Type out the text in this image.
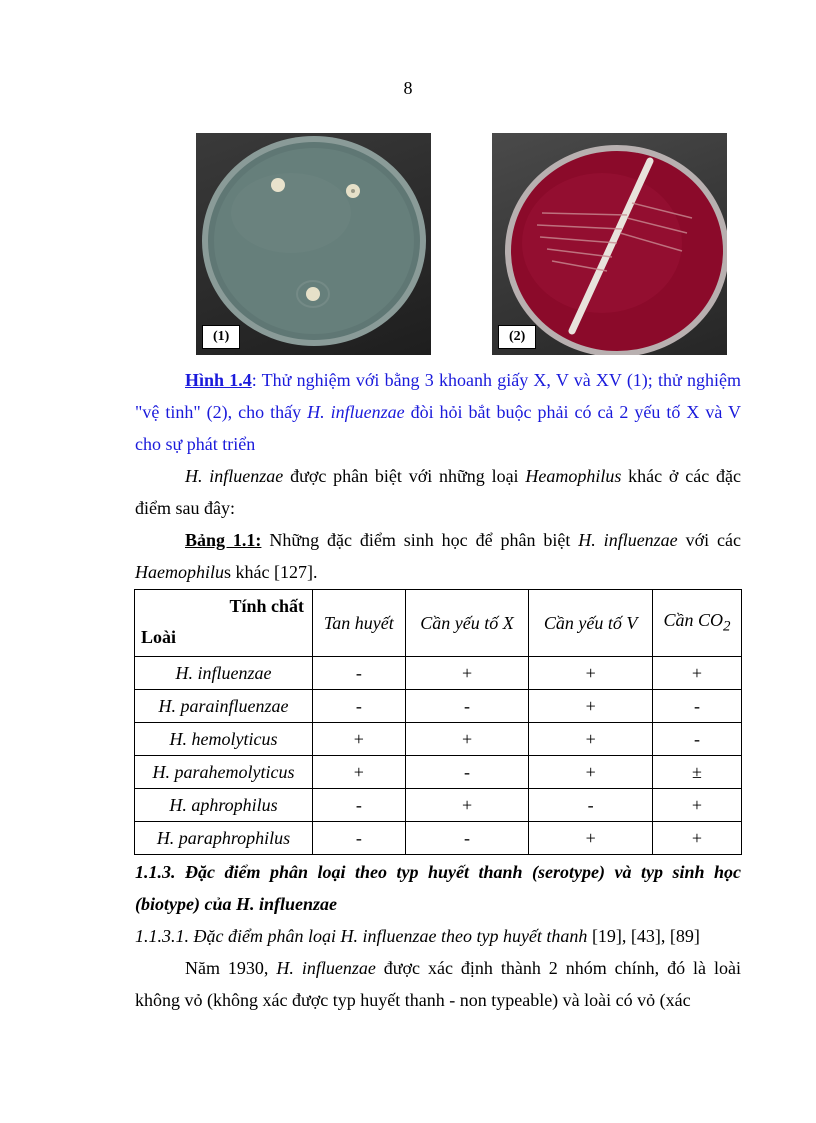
8
(1)	(2)
Hình 1.4: Thử nghiệm với bằng 3 khoanh giấy X, V và XV (1); thử nghiệm "vệ tinh" (2), cho thấy H. influenzae đòi hỏi bắt buộc phải có cả 2 yếu tố X và V cho sự phát triển
H. influenzae được phân biệt với những loại Heamophilus khác ở các đặc điểm sau đây:
Bảng 1.1: Những đặc điểm sinh học để phân biệt H. influenzae với các Haemophilus khác [127].
Tính chất
Loài	Tan huyết	Cần yếu tố X	Cần yếu tố V	Cần $CO_2$
H. influenzae	-	+	+	+
H. parainfluenzae	-	-	+	-
H. hemolyticus	+	+	+	-
H. parahemolyticus	+	-	+	±
H. aphrophilus	-	+	-	+
H. paraphrophilus	-	-	+	+
1.1.3. Đặc điểm phân loại theo typ huyết thanh (serotype) và typ sinh học (biotype) của H. influenzae
1.1.3.1. Đặc điểm phân loại H. influenzae theo typ huyết thanh [19], [43], [89]
Năm 1930, H. influenzae được xác định thành 2 nhóm chính, đó là loài không vỏ (không xác được typ huyết thanh - non typeable) và loài có vỏ (xác
